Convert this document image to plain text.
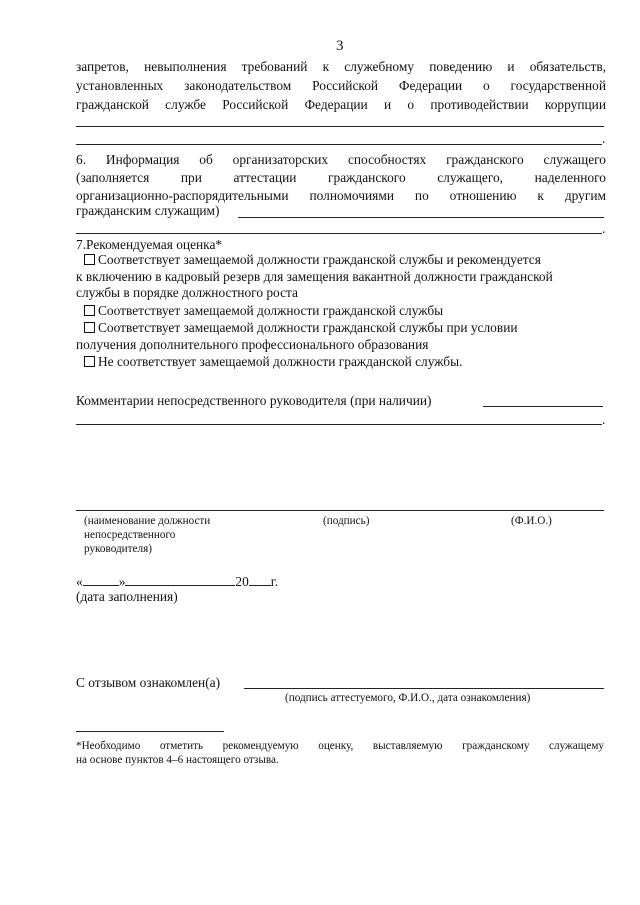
3
запретов, невыполнения требований к служебному поведению и обязательств,
установленных законодательством Российской Федерации о государственной
гражданской службе Российской Федерации и о противодействии коррупции
.
6. Информация об организаторских способностях гражданского служащего
(заполняется при аттестации гражданского служащего, наделенного
организационно-распорядительными полномочиями по отношению к другим
гражданским служащим)
.
7.Рекомендуемая оценка*
Соответствует замещаемой должности гражданской службы и рекомендуется
к включению в кадровый резерв для замещения вакантной должности гражданской
службы в порядке должностного роста
Соответствует замещаемой должности гражданской службы
Соответствует замещаемой должности гражданской службы при условии
получения дополнительного профессионального образования
Не соответствует замещаемой должности гражданской службы.
Комментарии непосредственного руководителя (при наличии)
.
(наименование должности
непосредственного
руководителя)
(подпись)	(Ф.И.О.)
«	»	20 г.
(дата заполнения)
С отзывом ознакомлен(а)
(подпись аттестуемого, Ф.И.О., дата ознакомления)
*Необходимо отметить рекомендуемую оценку, выставляемую гражданскому служащему
на основе пунктов 4–6 настоящего отзыва.
